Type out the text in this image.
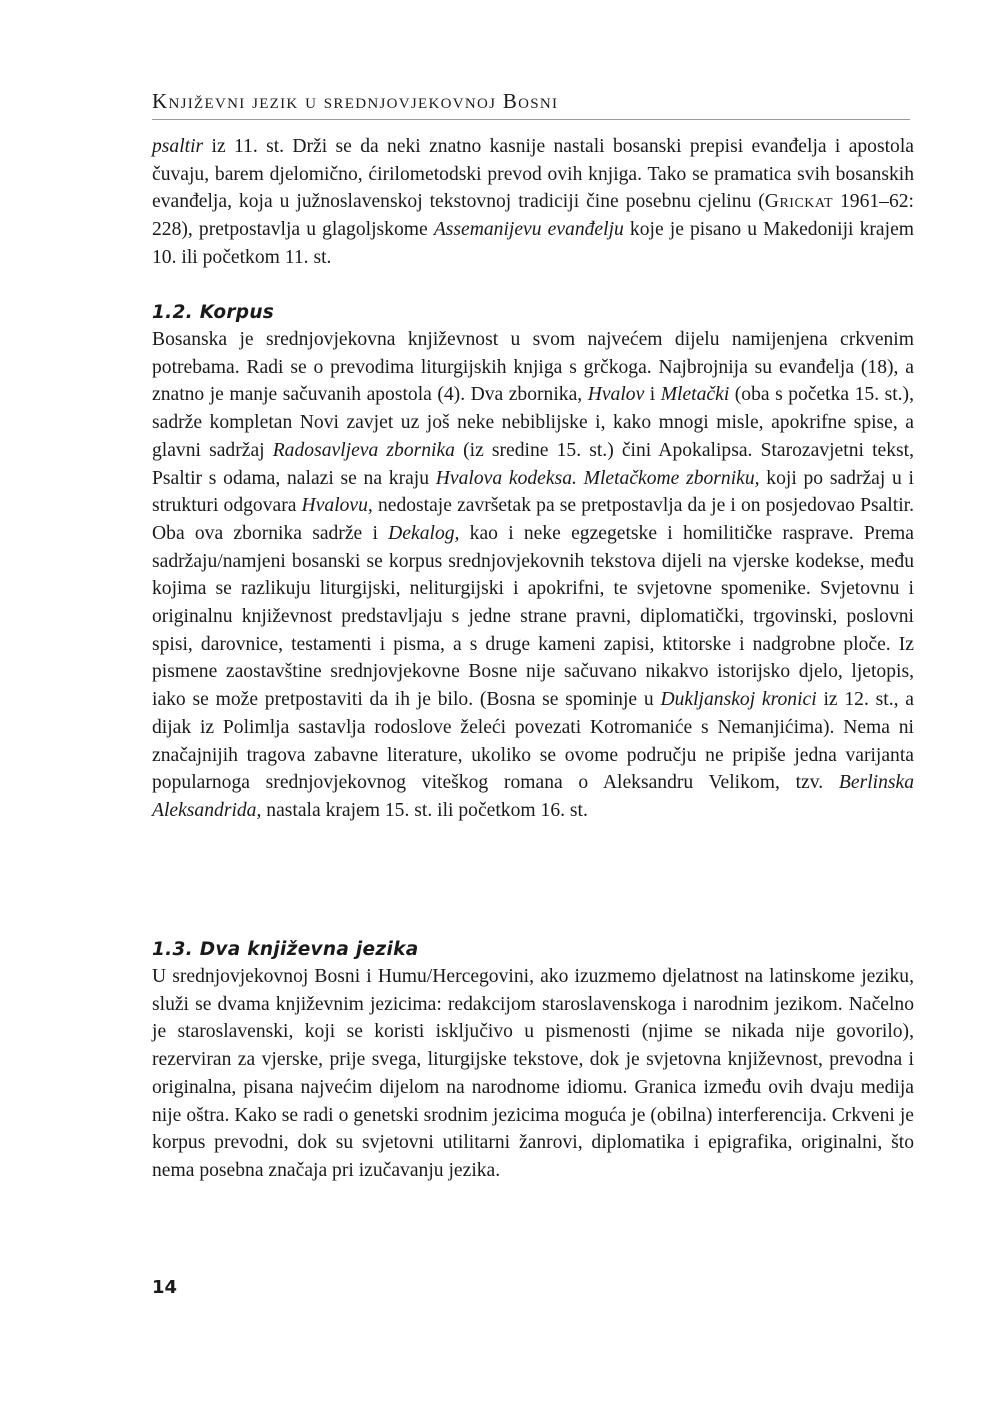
Književni jezik u srednjovjekovnoj Bosni

psaltir iz 11. st. Drži se da neki znatno kasnije nastali bosanski prepisi evanđelja i apostola čuvaju, barem djelomično, ćirilometodski prevod ovih knjiga. Tako se pramatica svih bosanskih evanđelja, koja u južnoslavenskoj tekstovnoj tradiciji čine posebnu cjelinu (Grickat 1961–62: 228), pretpostavlja u glagoljskome Assemanijevu evanđelju koje je pisano u Makedoniji krajem 10. ili početkom 11. st.

1.2. Korpus

Bosanska je srednjovjekovna književnost u svom najvećem dijelu namijenjena crkvenim potrebama. Radi se o prevodima liturgijskih knjiga s grčkoga. Najbrojnija su evanđelja (18), a znatno je manje sačuvanih apostola (4). Dva zbornika, Hvalov i Mletački (oba s početka 15. st.), sadrže kompletan Novi zavjet uz još neke nebiblijske i, kako mnogi misle, apokrifne spise, a glavni sadržaj Radosavljeva zbornika (iz sredine 15. st.) čini Apokalipsa. Starozavjetni tekst, Psaltir s odama, nalazi se na kraju Hvalova kodeksa. Mletačkome zborniku, koji po sadržaj u i strukturi odgovara Hvalovu, nedostaje završetak pa se pretpostavlja da je i on posjedovao Psaltir. Oba ova zbornika sadrže i Dekalog, kao i neke egzegetske i homilitičke rasprave. Prema sadržaju/namjeni bosanski se korpus srednjovjekovnih tekstova dijeli na vjerske kodekse, među kojima se razlikuju liturgijski, neliturgijski i apokrifni, te svjetovne spomenike. Svjetovnu i originalnu književnost predstavljaju s jedne strane pravni, diplomatički, trgovinski, poslovni spisi, darovnice, testamenti i pisma, a s druge kameni zapisi, ktitorske i nadgrobne ploče. Iz pismene zaostavštine srednjovjekovne Bosne nije sačuvano nikakvo istorijsko djelo, ljetopis, iako se može pretpostaviti da ih je bilo. (Bosna se spominje u Dukljanskoj kronici iz 12. st., a dijak iz Polimlja sastavlja rodoslove želeći povezati Kotromaniće s Nemanjićima). Nema ni značajnijih tragova zabavne literature, ukoliko se ovome području ne pripiše jedna varijanta popularnoga srednjovjekovnog viteškog romana o Aleksandru Velikom, tzv. Berlinska Aleksandrida, nastala krajem 15. st. ili početkom 16. st.

1.3. Dva književna jezika

U srednjovjekovnoj Bosni i Humu/Hercegovini, ako izuzmemo djelatnost na latinskome jeziku, služi se dvama književnim jezicima: redakcijom staroslavenskoga i narodnim jezikom. Načelno je staroslavenski, koji se koristi isključivo u pismenosti (njime se nikada nije govorilo), rezerviran za vjerske, prije svega, liturgijske tekstove, dok je svjetovna književnost, prevodna i originalna, pisana najvećim dijelom na narodnome idiomu. Granica između ovih dvaju medija nije oštra. Kako se radi o genetski srodnim jezicima moguća je (obilna) interferencija. Crkveni je korpus prevodni, dok su svjetovni utilitarni žanrovi, diplomatika i epigrafika, originalni, što nema posebna značaja pri izučavanju jezika.

14
